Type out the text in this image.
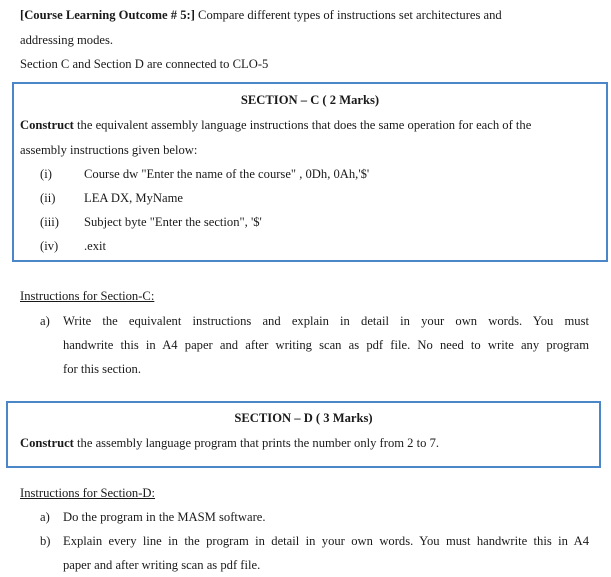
[Course Learning Outcome # 5:] Compare different types of instructions set architectures and
addressing modes.
Section C and Section D are connected to CLO-5
SECTION – C ( 2 Marks)
Construct the equivalent assembly language instructions that does the same operation for each of the
assembly instructions given below:
(i)	Course dw "Enter the name of the course" , 0Dh, 0Ah,'$'
(ii) LEA DX, MyName
(iii) Subject byte "Enter the section", '$'
(iv) .exit
Instructions for Section-C:
a) Write the equivalent instructions and explain in detail in your own words. You must
handwrite this in A4 paper and after writing scan as pdf file. No need to write any program
for this section.
SECTION – D ( 3 Marks)
Construct the assembly language program that prints the number only from 2 to 7.
Instructions for Section-D:
a) Do the program in the MASM software.
b) Explain every line in the program in detail in your own words. You must handwrite this in A4
paper and after writing scan as pdf file.
